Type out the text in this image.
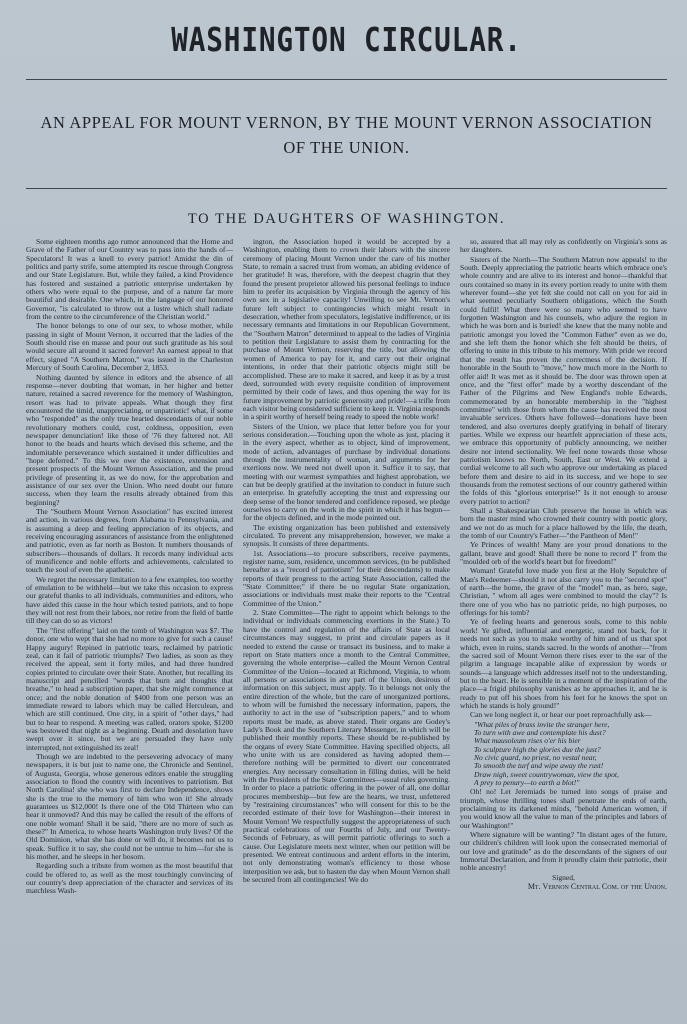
WASHINGTON CIRCULAR.
AN APPEAL FOR MOUNT VERNON, BY THE MOUNT VERNON ASSOCIATION
OF THE UNION.
TO THE DAUGHTERS OF WASHINGTON.

Some eighteen months ago rumor announced that the Home and Grave of the Father of our Country was to pass into the hands of—Speculators! It was a knell to every patriot! Amidst the din of politics and party strife, some attempted its rescue through Congress and our State Legislature. But, while they failed, a kind Providence has fostered and sustained a patriotic enterprise undertaken by others who were equal to the purpose, and of a nature far more beautiful and desirable. One which, in the language of our honored Governor, "is calculated to throw out a lustre which shall radiate from the centre to the circumference of the Christian world."

The honor belongs to one of our sex, to whose mother, while passing in sight of Mount Vernon, it occurred that the ladies of the South should rise en masse and pour out such gratitude as his soul would secure all around it sacred forever! An earnest appeal to that effect, signed "A Southern Matron," was issued in the Charleston Mercury of South Carolina, December 2, 1853.

Nothing daunted by silence in editors and the absence of all response—never doubting that woman, in her higher and better nature, retained a sacred reverence for the memory of Washington, resort was had to private appeals. What though they first encountered the timid, unappreciating, or unpatriotic! what, if some who "responded" as the only true hearted descendants of our noble revolutionary mothers could, cost, coldness, opposition, even newspaper denunciation! like those of '76 they faltered not. All honor to the heads and hearts which devised this scheme, and the indomitable perseverance which sustained it under difficulties and "hope deferred." To this we owe the existence, extension and present prospects of the Mount Vernon Association, and the proud privilege of presenting it, as we do now, for the approbation and assistance of our sex over the Union. Who need doubt our future success, when they learn the results already obtained from this beginning?

The "Southern Mount Vernon Association" has excited interest and action, in various degrees, from Alabama to Pennsylvania, and is assuming a deep and feeling appreciation of its objects, and receiving encouraging assurances of assistance from the enlightened and patriotic, even as far north as Boston. It numbers thousands of subscribers—thousands of dollars. It records many individual acts of munificence and noble efforts and achievements, calculated to touch the soul of even the apathetic.

We regret the necessary limitation to a few examples, too worthy of emulation to be withheld—but we take this occasion to express our grateful thanks to all individuals, communities and editors, who have aided this cause in the hour which tested patriots, and to hope they will not rest from their labors, nor retire from the field of battle till they can do so as victors!

The "first offering" laid on the tomb of Washington was $7. The donor, one who wept that she had no more to give for such a cause! Happy augury! Repined in patriotic tears, reclaimed by patriotic zeal, can it fail of patriotic triumphs? Two ladies, as soon as they received the appeal, sent it forty miles, and had three hundred copies printed to circulate over their State. Another, but recalling its manuscript and pencilled "words that burn and thoughts that breathe," to head a subscription paper, that she might commence at once; and the noble donation of $400 from one person was an immediate reward to labors which may be called Herculean, and which are still continued. One city, in a spirit of "other days," had but to hear to respond. A meeting was called, orators spoke, $1200 was bestowed that night as a beginning. Death and desolation have swept over it since, but we are persuaded they have only interrupted, not extinguished its zeal!

Though we are indebted to the persevering advocacy of many newspapers, it is but just to name one, the Chronicle and Sentinel, of Augusta, Georgia, whose generous editors enable the struggling association to flood the country with incentives to patriotism. But North Carolina! she who was first to declare Independence, shows she is the true to the memory of him who won it! She already guarantees us $12,000! Is there one of the Old Thirteen who can hear it unmoved? And this may be called the result of the efforts of one noble woman! Shall it be said, "there are no more of such as these?" In America, to whose hearts Washington truly lives? Of the Old Dominion, what she has done or will do, it becomes not us to speak. Suffice it to say, she could not be untrue to him—for she is his mother, and he sleeps in her bosom.

Regarding such a tribute from women as the most beautiful that could be offered to, as well as the most touchingly convincing of our country's deep appreciation of the character and services of its matchless Wash-

ington, the Association hoped it would be accepted by a Washington, enabling them to crown their labors with the sincere ceremony of placing Mount Vernon under the care of his mother State, to remain a sacred trust from woman, an abiding evidence of her gratitude! It was, therefore, with the deepest chagrin that they found the present proprietor allowed his personal feelings to induce him to prefer its acquisition by Virginia through the agency of his own sex in a legislative capacity! Unwilling to see Mt. Vernon's future left subject to contingencies which might result in desecration, whether from speculators, legislative indifference, or its necessary remnants and limitations in our Republican Government, the "Southern Matron" determined to appeal to the ladies of Virginia to petition their Legislature to assist them by contracting for the purchase of Mount Vernon, reserving the title, but allowing the women of America to pay for it, and carry out their original intentions, in order that their patriotic objects might still be accomplished. These are to make it sacred, and keep it as by a trust deed, surrounded with every requisite condition of improvement permitted by their code of laws, and thus opening the way for its future improvement by patriotic generosity and pride!—a trifle from each visitor being considered sufficient to keep it. Virginia responds in a spirit worthy of herself being ready to speed the noble work!

Sisters of the Union, we place that letter before you for your serious consideration.—Touching upon the whole as just, placing it in the every aspect, whether as to object, kind of improvement, mode of action, advantages of purchase by individual donations through the instrumentality of woman, and arguments for her exertions now. We need not dwell upon it. Suffice it to say, that meeting with our warmest sympathies and highest approbation, we can but be deeply gratified at the invitation to conduct in future such an enterprise. In gratefully accepting the trust and expressing our deep sense of the honor tendered and confidence reposed, we pledge ourselves to carry on the work in the spirit in which it has begun—for the objects defined, and in the mode pointed out.

The existing organization has been published and extensively circulated. To prevent any misapprehension, however, we make a synopsis. It consists of three departments.

1st. Associations—to procure subscribers, receive payments, register name, sum, residence, uncommon services, (to be published hereafter as a "record of patriotism" for their descendants) to make reports of their progress to the acting State Association, called the "State Committee;" if there be no regular State organization, associations or individuals must make their reports to the "Central Committee of the Union."

2. State Committee—The right to appoint which belongs to the individual or individuals commencing exertions in the State.) To have the control and regulation of the affairs of State as local circumstances may suggest, to print and circulate papers as it needed to extend the cause or transact its business, and to make a report on State matters once a month to the Central Committee, governing the whole enterprise—called the Mount Vernon Central Committee of the Union—located at Richmond, Virginia, to whom all persons or associations in any part of the Union, desirous of information on this subject, must apply. To it belongs not only the entire direction of the whole, but the care of unorganized portions, to whom will be furnished the necessary information, papers, the authority to act in the use of "subscription papers," and to whom reports must be made, as above stated. Their organs are Godey's Lady's Book and the Southern Literary Messenger, in which will be published their monthly reports. These should be re-published by the organs of every State Committee. Having specified objects, all who unite with us are considered as having adopted them—therefore nothing will be permitted to divert our concentrated energies. Any necessary consultation in filling duties, will be held with the Presidents of the State Committees—usual rules governing. In order to place a patriotic offering in the power of all, one dollar procures membership—but few are the hearts, we trust, unfettered by "restraining circumstances" who will consent for this to be the recorded estimate of their love for Washington—their interest in Mount Vernon! We respectfully suggest the appropriateness of such practical celebrations of our Fourths of July, and our Twenty-Seconds of February, as will permit patriotic offerings to such a cause. Our Legislature meets next winter, when our petition will be presented. We entreat continuous and ardent efforts in the interim, not only demonstrating woman's efficiency to those whose interposition we ask, but to hasten the day when Mount Vernon shall be secured from all contingencies! We do

so, assured that all may rely as confidently on Virginia's sons as her daughters.

Sisters of the North—The Southern Matron now appeals! to the South. Deeply appreciating the patriotic hearts which embrace one's whole country and are alive to its interest and honor—thankful that ours contained so many in its every portion ready to unite with them wherever found—she yet felt she could not call on you for aid in what seemed peculiarly Southern obligations, which the South could fulfil! What there were so many who seemed to have forgotten Washington and his counsels, who adjure the region in which he was born and is buried! she knew that the many noble and patriotic amongst you loved the "Common Father" even as we do, and she left them the honor which she felt should be theirs, of offering to unite in this tribute to his memory. With pride we record that the result has proven the correctness of the decision. If honorable in the South to "move," how much more in the North to offer aid! It was met as it should be. The door was thrown open at once, and the "first offer" made by a worthy descendant of the Father of the Pilgrims and New England's noble Edwards, commemorated by an honorable membership in the "highest committee" with those from whom the cause has received the most invaluable services. Others have followed—donations have been tendered, and also overtures deeply gratifying in behalf of literary parties. While we express our heartfelt appreciation of these acts, we embrace this opportunity of publicly announcing, we neither desire nor intend sectionality. We feel none towards those whose patriotism knows no North, South, East or West. We extend a cordial welcome to all such who approve our undertaking as placed before them and desire to aid in its success, and we hope to see thousands from the remotest sections of our country gathered within the folds of this "glorious enterprise!" Is it not enough to arouse every patriot to action?

Shall a Shakespearian Club preserve the house in which was born the master mind who crowned their country with poetic glory, and we not do as much for a place hallowed by the life, the death, the tomb of our Country's Father—"the Pantheon of Men!"

Ye Princes of wealth! Many are your proud donations to the gallant, brave and good! Shall there be none to record I" from the "moulded orb of the world's heart but for freedom!"

Woman! Grateful love made you first at the Holy Sepulchre of Man's Redeemer—should it not also carry you to the "second spot" of earth—the home, the grave of the "model" man, as hero, sage, Christian, " whom all ages were combined to mould the clay"? Is there one of you who has no patriotic pride, no high purposes, no offerings for his tomb?

Ye of feeling hearts and generous souls, come to this noble work! Ye gifted, influential and energetic, stand not back, for it needs not such as you to make worthy of him and of us that spot which, even in ruins, stands sacred. In the words of another—"from the sacred soil of Mount Vernon there rises ever to the ear of the pilgrim a language incapable alike of expression by words or sounds—a language which addresses itself not to the understanding, but to the heart. He is sensible in a moment of the inspiration of the place—a frigid philosophy vanishes as he approaches it, and he is ready to put off his shoes from his feet for he knows the spot on which he stands is holy ground!"

Can we long neglect it, or hear our poet reproachfully ask—

"What piles of brass invite the stranger here,
To turn with awe and contemplate his dust?
What mausoleum rises o'er his bier
To sculpture high the glories due the just?
No civic guard, no priest, no vestal near,
To smooth the turf and wipe away the rust!
Draw nigh, sweet countrywoman, view the spot,
A prey to penury—to earth a blot!"

Oh! no! Let Jeremiads be turned into songs of praise and triumph, whose thrilling tones shall penetrate the ends of earth, proclaiming to its darkened minds, "behold American women, if you would know all the value to man of the principles and labors of our Washington!"

Where signature will be wanting? "In distant ages of the future, our children's children will look upon the consecrated memorial of our love and gratitude" as do the descendants of the signers of our Immortal Declaration, and from it proudly claim their patriotic, their noble ancestry!

Signed,

Mt. Vernon Central Com. of the Union.
